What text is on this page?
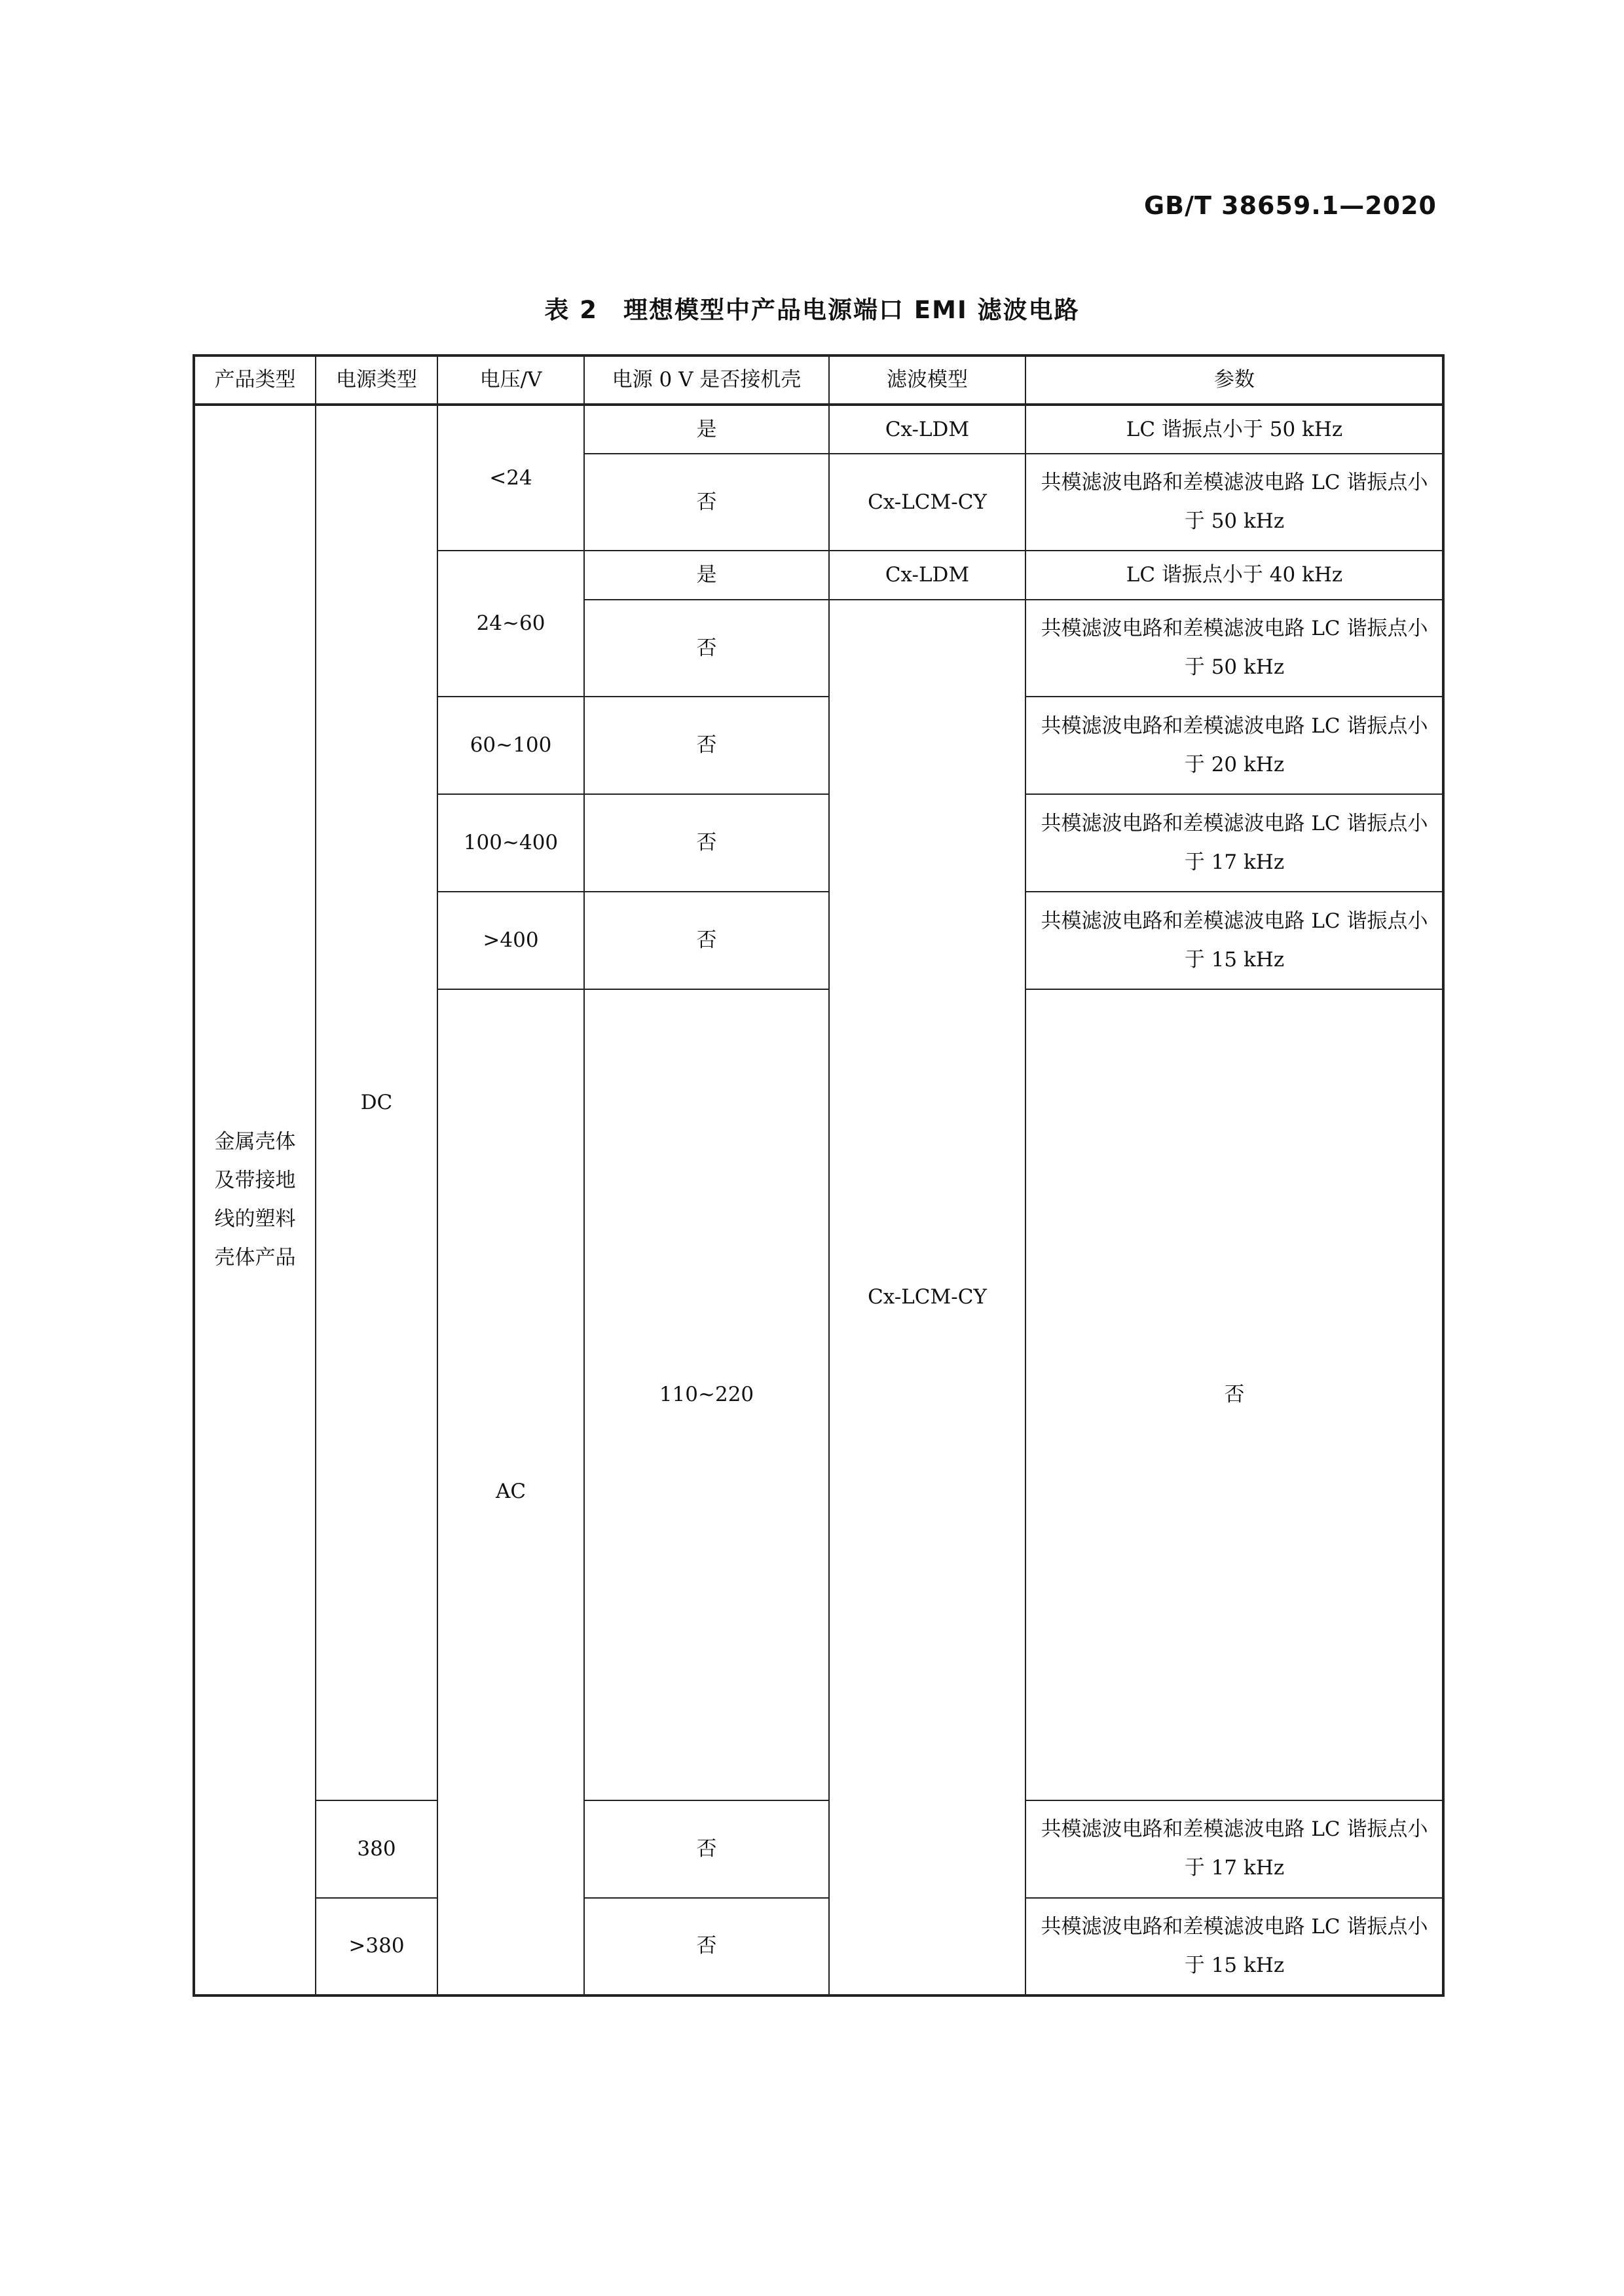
GB/T 38659.1—2020
表 2　理想模型中产品电源端口 EMI 滤波电路
产品类型	电源类型	电压/V	电源 0 V 是否接机壳	滤波模型	参数	

金属壳体
及带接地
线的塑料
壳体产品	DC	<24	是	Cx-LDM	LC 谐振点小于 50 kHz	
			否	Cx-LCM-CY	共模滤波电路和差模滤波电路 LC 谐振点小于 50 kHz	
		24~60	是	Cx-LDM	LC 谐振点小于 40 kHz	
			否	Cx-LCM-CY	共模滤波电路和差模滤波电路 LC 谐振点小于 50 kHz	
		60~100	否		共模滤波电路和差模滤波电路 LC 谐振点小于 20 kHz	
		100~400	否		共模滤波电路和差模滤波电路 LC 谐振点小于 17 kHz	
		>400	否		共模滤波电路和差模滤波电路 LC 谐振点小于 15 kHz	
		AC	110~220		否	
	380		否		共模滤波电路和差模滤波电路 LC 谐振点小于 17 kHz	
	>380		否		共模滤波电路和差模滤波电路 LC 谐振点小于 15 kHz	
